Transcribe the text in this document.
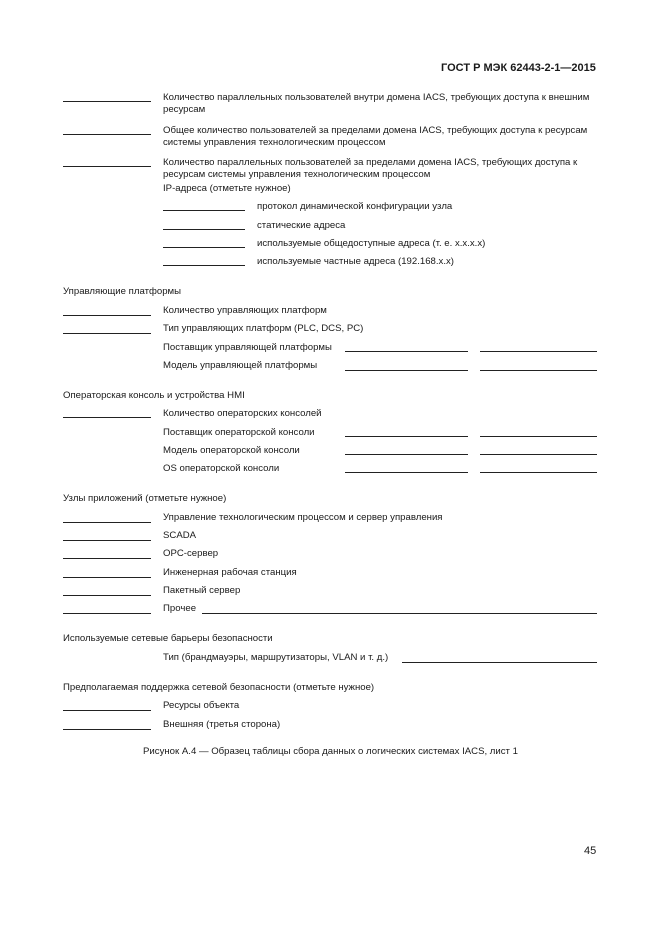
ГОСТ Р МЭК 62443-2-1—2015
Количество параллельных пользователей внутри домена IACS, требующих доступа к внешним ресурсам
Общее количество пользователей за пределами домена IACS, требующих доступа к ресурсам системы управления технологическим процессом
Количество параллельных пользователей за пределами домена IACS, требующих доступа к ресурсам системы управления технологическим процессом
IP-адреса (отметьте нужное)
протокол динамической конфигурации узла
статические адреса
используемые общедоступные адреса (т. е. x.x.x.x)
используемые частные адреса (192.168.x.x)
Управляющие платформы
Количество управляющих платформ
Тип управляющих платформ (PLC, DCS, PC)
Поставщик управляющей платформы
Модель управляющей платформы
Операторская консоль и устройства HMI
Количество операторских консолей
Поставщик операторской консоли
Модель операторской консоли
OS операторской консоли
Узлы приложений (отметьте нужное)
Управление технологическим процессом и сервер управления
SCADA
OPC-сервер
Инженерная рабочая станция
Пакетный сервер
Прочее
Используемые сетевые барьеры безопасности
Тип (брандмауэры, маршрутизаторы, VLAN и т. д.)
Предполагаемая поддержка сетевой безопасности (отметьте нужное)
Ресурсы объекта
Внешняя (третья сторона)
Рисунок А.4 — Образец таблицы сбора данных о логических системах IACS, лист 1
45
